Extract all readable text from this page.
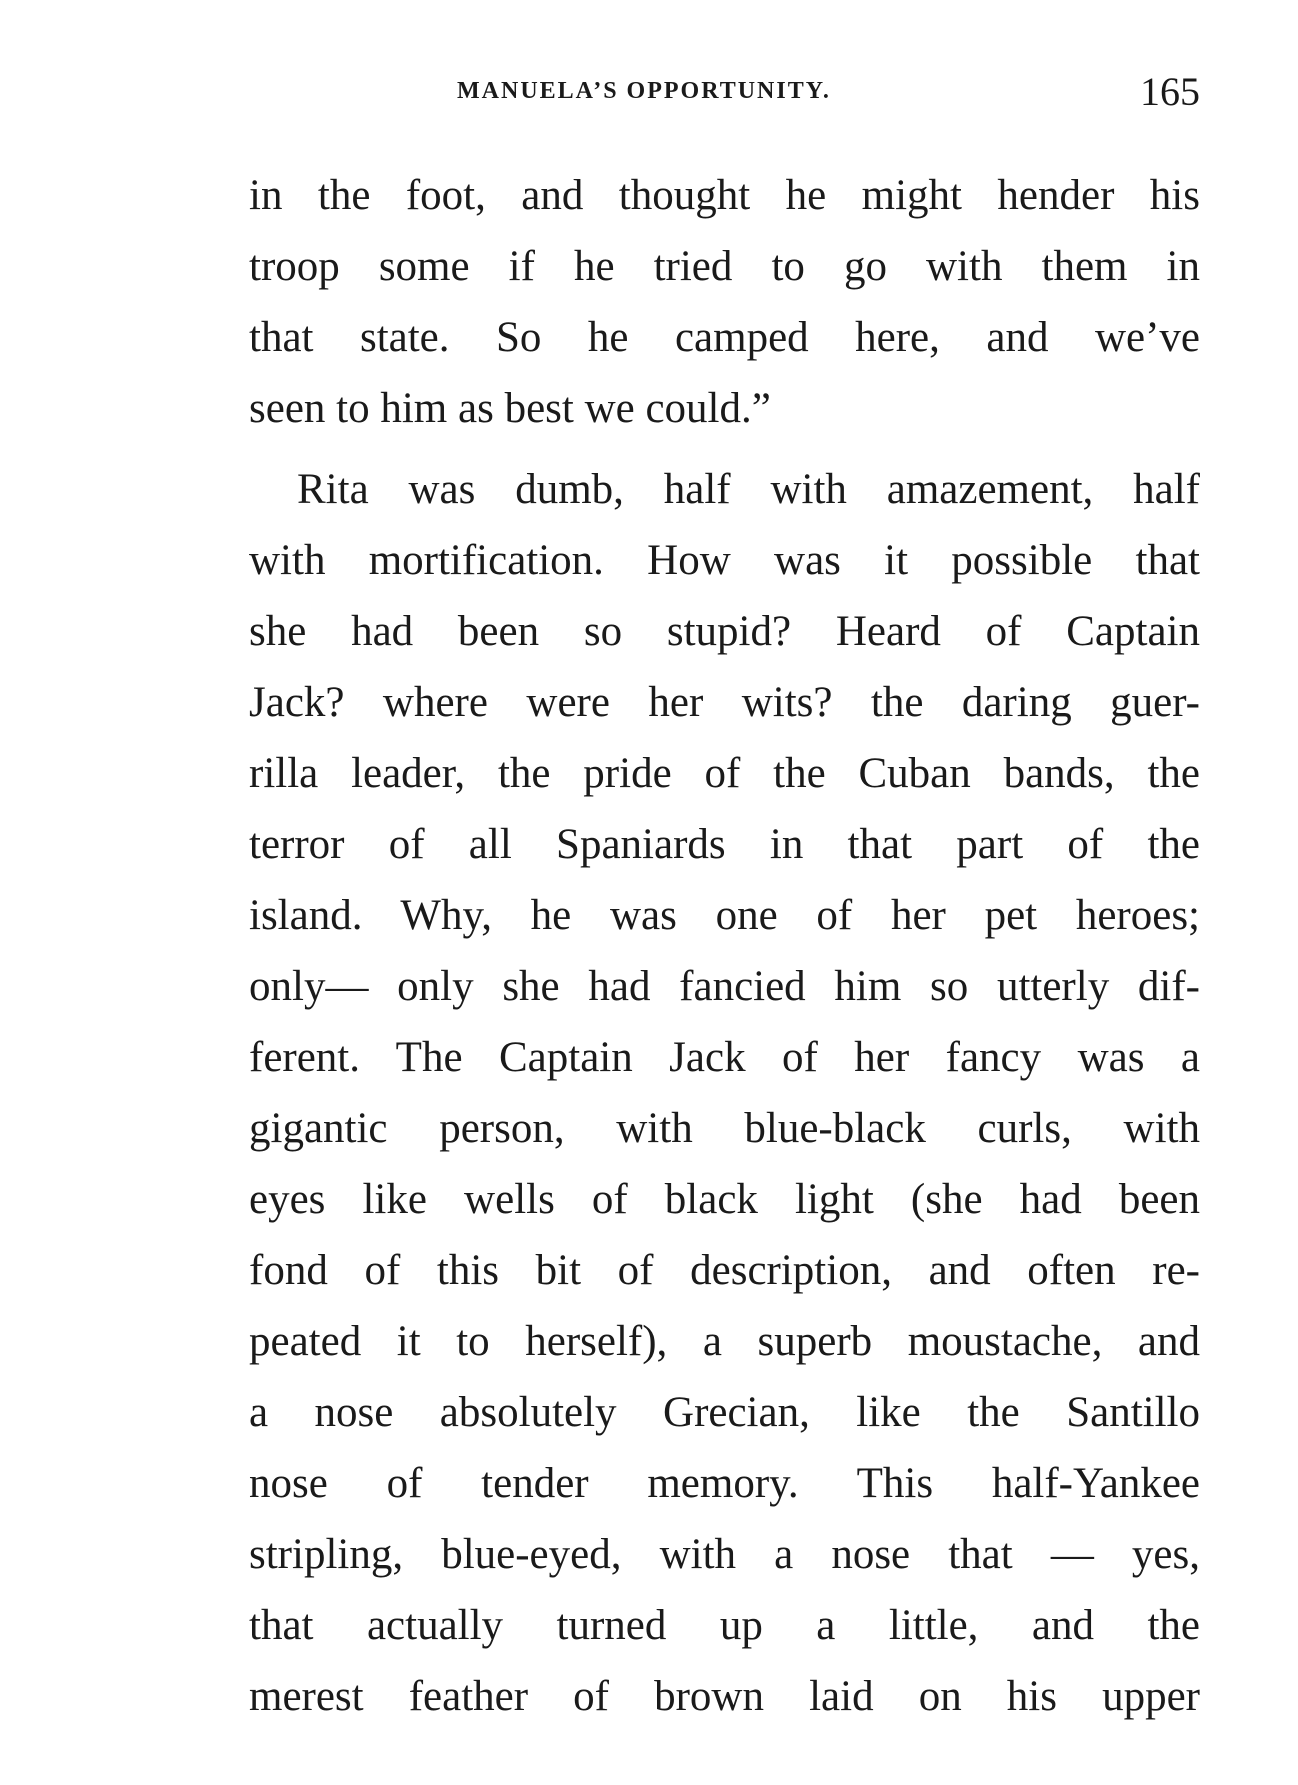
MANUELA’S OPPORTUNITY.	165
in the foot, and thought he might hender his
troop some if he tried to go with them in
that state. So he camped here, and we’ve
seen to him as best we could.”
Rita was dumb, half with amazement, half
with mortification. How was it possible that
she had been so stupid? Heard of Captain
Jack? where were her wits? the daring guer-
rilla leader, the pride of the Cuban bands, the
terror of all Spaniards in that part of the
island. Why, he was one of her pet heroes;
only— only she had fancied him so utterly dif-
ferent. The Captain Jack of her fancy was a
gigantic person, with blue-black curls, with
eyes like wells of black light (she had been
fond of this bit of description, and often re-
peated it to herself), a superb moustache, and
a nose absolutely Grecian, like the Santillo
nose of tender memory. This half-Yankee
stripling, blue-eyed, with a nose that — yes,
that actually turned up a little, and the
merest feather of brown laid on his upper
